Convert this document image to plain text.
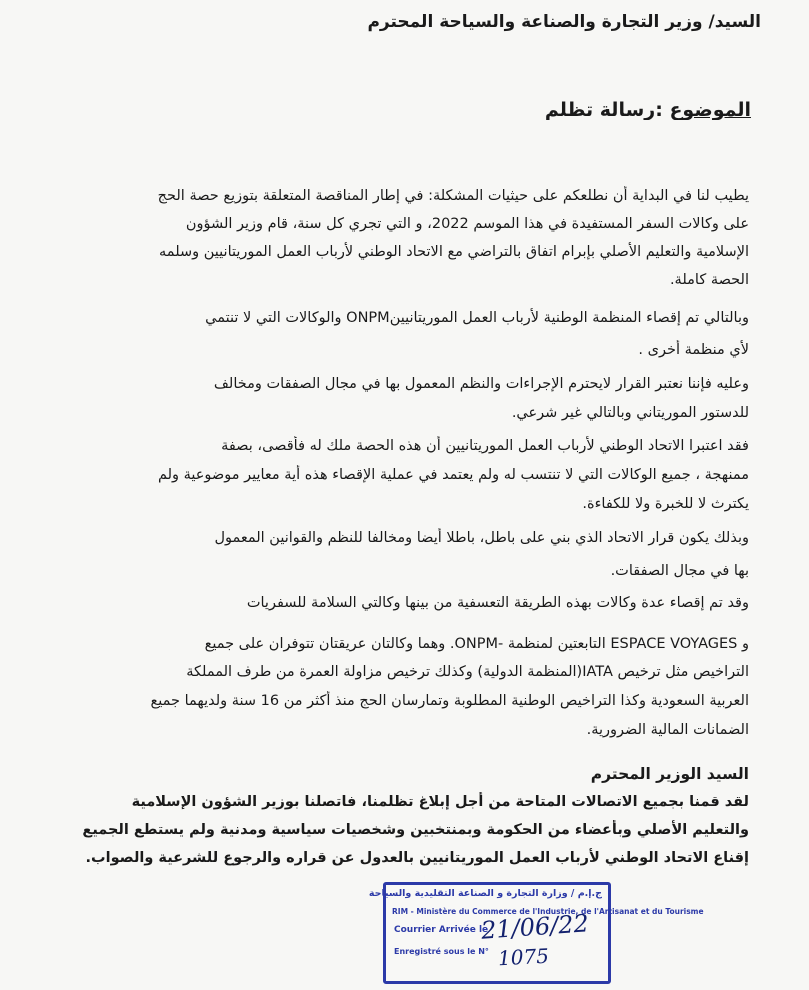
السيد/ وزير التجارة والصناعة والسياحة المحترم
الموضوع :رسالة تظلم
يطيب لنا في البداية أن نطلعكم على حيثيات المشكلة: في إطار المناقصة المتعلقة بتوزيع حصة الحج
على وكالات السفر المستفيدة في هذا الموسم 2022، و التي تجري كل سنة، قام وزير الشؤون
الإسلامية والتعليم الأصلي بإبرام اتفاق بالتراضي مع الاتحاد الوطني لأرباب العمل الموريتانيين وسلمه
الحصة كاملة.
وبالتالي تم إقصاء المنظمة الوطنية لأرباب العمل الموريتانيينONPM والوكالات التي لا تنتمي
لأي منظمة أخرى .
وعليه فإننا نعتبر القرار لايحترم الإجراءات والنظم المعمول بها في مجال الصفقات ومخالف
للدستور الموريتاني وبالتالي غير شرعي.
فقد اعتبرا الاتحاد الوطني لأرباب العمل الموريتانيين أن هذه الحصة ملك له فأقصى، بصفة
ممنهجة ، جميع الوكالات التي لا تنتسب له ولم يعتمد في عملية الإقصاء هذه أية معايير موضوعية ولم
يكترث لا للخبرة ولا للكفاءة.
وبذلك يكون قرار الاتحاد الذي بني على باطل، باطلا أيضا ومخالفا للنظم والقوانين المعمول
بها في مجال الصفقات.
وقد تم إقصاء عدة وكالات بهذه الطريقة التعسفية من بينها وكالتي السلامة للسفريات
و ESPACE VOYAGES التابعتين لمنظمة -ONPM. وهما وكالتان عريقتان تتوفران على جميع
التراخيص مثل ترخيص IATA(المنظمة الدولية) وكذلك ترخيص مزاولة العمرة من طرف المملكة
العربية السعودية وكذا التراخيص الوطنية المطلوبة وتمارسان الحج منذ أكثر من 16 سنة ولديهما جميع
الضمانات المالية الضرورية.
السيد الوزير المحترم
لقد قمنا بجميع الاتصالات المتاحة من أجل إبلاغ تظلمنا، فاتصلنا بوزير الشؤون الإسلامية
والتعليم الأصلي وبأعضاء من الحكومة وبمنتخبين وشخصيات سياسية ومدنية ولم يستطع الجميع
إقناع الاتحاد الوطني لأرباب العمل الموريتانيين بالعدول عن قراره والرجوع للشرعية والصواب.
ج.إ.م / وزارة التجارة و الصناعة التقليدية والسياحة
RIM - Ministère du Commerce de l'Industrie, de l'Artisanat et du Tourisme
Courrier Arrivée le
21/06/22
Enregistré sous le N° 1075
